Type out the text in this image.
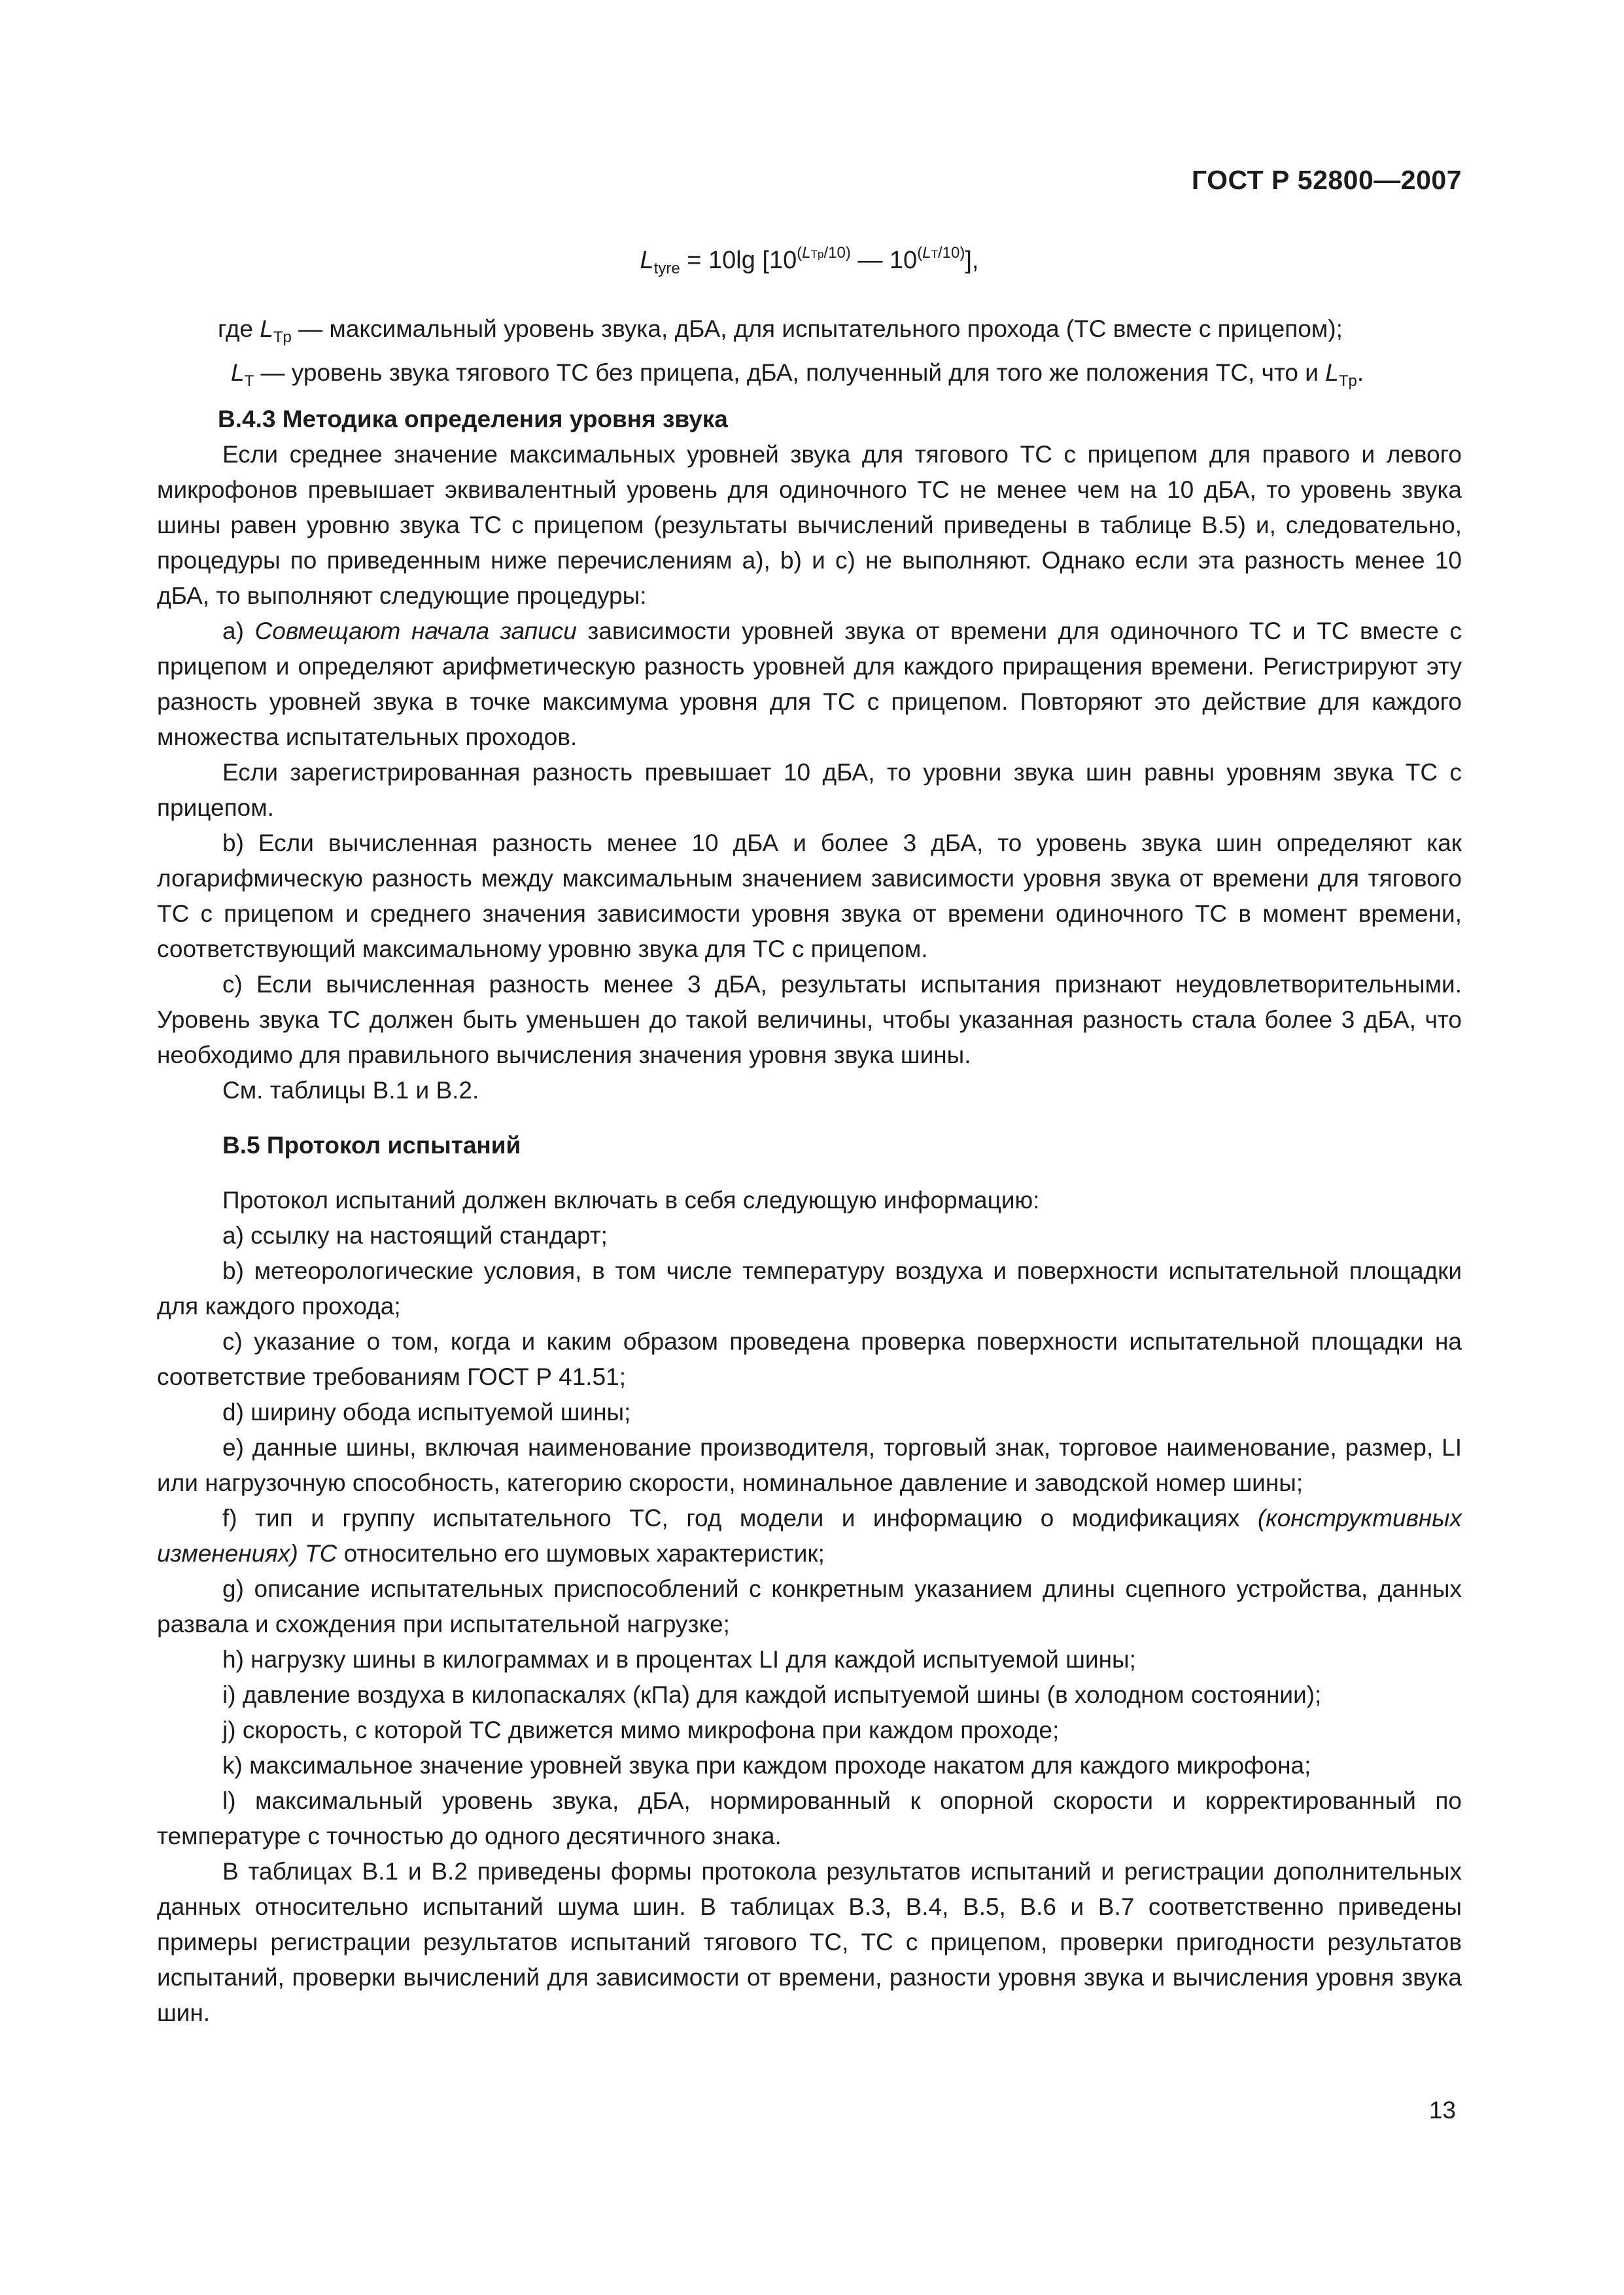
ГОСТ Р 52800—2007
$L_{tyre} = 10\lg$ [$10^{(LTp/10)}$ — $10^{(LT/10)}$],

где $L_{Tp}$ — максимальный уровень звука, дБА, для испытательного прохода (ТС вместе с прицепом);

$L_T$ — уровень звука тягового ТС без прицепа, дБА, полученный для того же положения ТС, что и $L_{Tp}$.

В.4.3 Методика определения уровня звука

Если среднее значение максимальных уровней звука для тягового ТС с прицепом для правого и левого микрофонов превышает эквивалентный уровень для одиночного ТС не менее чем на 10 дБА, то уровень звука шины равен уровню звука ТС с прицепом (результаты вычислений приведены в таблице В.5) и, следовательно, процедуры по приведенным ниже перечислениям a), b) и c) не выполняют. Однако если эта разность менее 10 дБА, то выполняют следующие процедуры:

a) Совмещают начала записи зависимости уровней звука от времени для одиночного ТС и ТС вместе с прицепом и определяют арифметическую разность уровней для каждого приращения времени. Регистрируют эту разность уровней звука в точке максимума уровня для ТС с прицепом. Повторяют это действие для каждого множества испытательных проходов.

Если зарегистрированная разность превышает 10 дБА, то уровни звука шин равны уровням звука ТС с прицепом.

b) Если вычисленная разность менее 10 дБА и более 3 дБА, то уровень звука шин определяют как логарифмическую разность между максимальным значением зависимости уровня звука от времени для тягового ТС с прицепом и среднего значения зависимости уровня звука от времени одиночного ТС в момент времени, соответствующий максимальному уровню звука для ТС с прицепом.

c) Если вычисленная разность менее 3 дБА, результаты испытания признают неудовлетворительными. Уровень звука ТС должен быть уменьшен до такой величины, чтобы указанная разность стала более 3 дБА, что необходимо для правильного вычисления значения уровня звука шины.

См. таблицы В.1 и В.2.

В.5 Протокол испытаний

Протокол испытаний должен включать в себя следующую информацию:

a) ссылку на настоящий стандарт;

b) метеорологические условия, в том числе температуру воздуха и поверхности испытательной площадки для каждого прохода;

c) указание о том, когда и каким образом проведена проверка поверхности испытательной площадки на соответствие требованиям ГОСТ Р 41.51;

d) ширину обода испытуемой шины;

e) данные шины, включая наименование производителя, торговый знак, торговое наименование, размер, LI или нагрузочную способность, категорию скорости, номинальное давление и заводской номер шины;

f) тип и группу испытательного ТС, год модели и информацию о модификациях (конструктивных изменениях) ТС относительно его шумовых характеристик;

g) описание испытательных приспособлений с конкретным указанием длины сцепного устройства, данных развала и схождения при испытательной нагрузке;

h) нагрузку шины в килограммах и в процентах LI для каждой испытуемой шины;

i) давление воздуха в килопаскалях (кПа) для каждой испытуемой шины (в холодном состоянии);

j) скорость, с которой ТС движется мимо микрофона при каждом проходе;

k) максимальное значение уровней звука при каждом проходе накатом для каждого микрофона;

l) максимальный уровень звука, дБА, нормированный к опорной скорости и корректированный по температуре с точностью до одного десятичного знака.

В таблицах В.1 и В.2 приведены формы протокола результатов испытаний и регистрации дополнительных данных относительно испытаний шума шин. В таблицах В.3, В.4, В.5, В.6 и В.7 соответственно приведены примеры регистрации результатов испытаний тягового ТС, ТС с прицепом, проверки пригодности результатов испытаний, проверки вычислений для зависимости от времени, разности уровня звука и вычисления уровня звука шин.

13
